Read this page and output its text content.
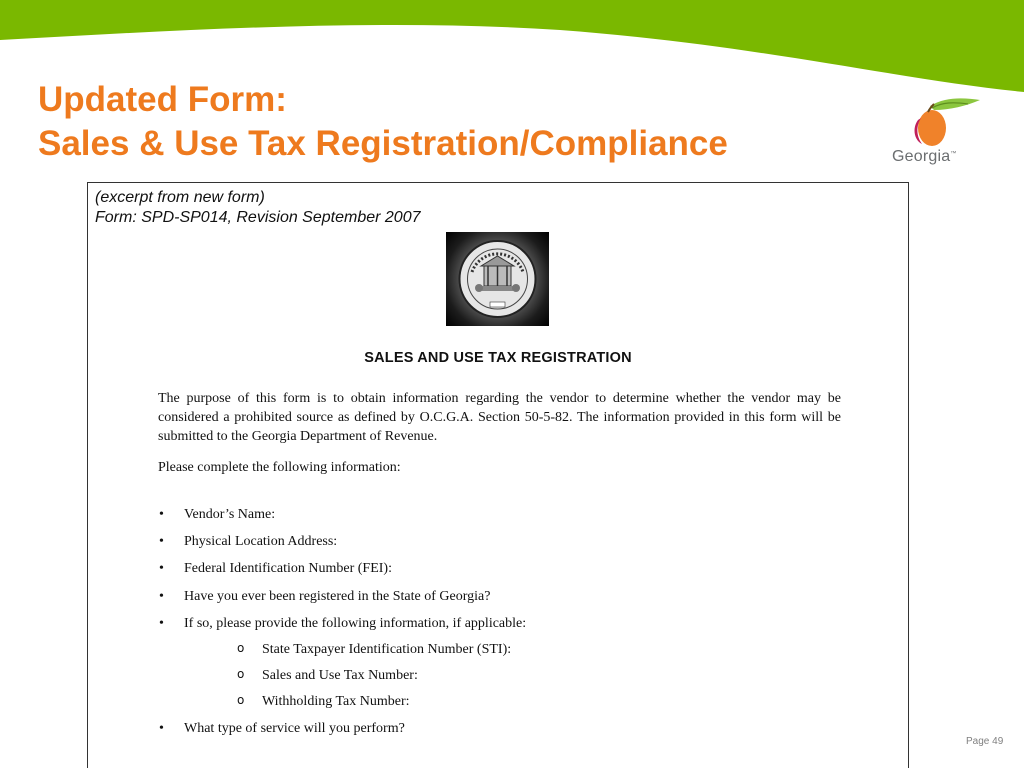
Updated Form:
Sales & Use Tax Registration/Compliance	Georgia™
(excerpt from new form)
Form: SPD-SP014, Revision September 2007
SALES AND USE TAX REGISTRATION

The purpose of this form is to obtain information regarding the vendor to determine whether the vendor may be considered a prohibited source as defined by O.C.G.A. Section 50-5-82. The information provided in this form will be submitted to the Georgia Department of Revenue.

Please complete the following information:
• Vendor’s Name:
• Physical Location Address:
• Federal Identification Number (FEI):
• Have you ever been registered in the State of Georgia?
• If so, please provide the following information, if applicable:
o State Taxpayer Identification Number (STI):
o Sales and Use Tax Number:
o Withholding Tax Number:
• What type of service will you perform?
Page 49
